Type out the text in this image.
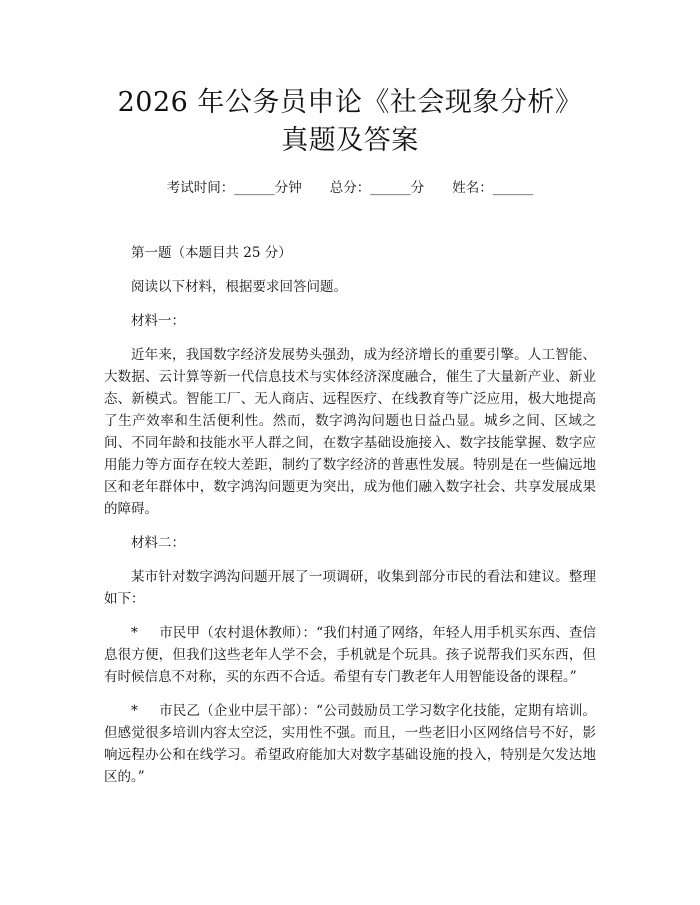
2026 年公务员申论《社会现象分析》真题及答案
考试时间：______分钟 总分：______分 姓名：______

第一题（本题目共 25 分）

阅读以下材料，根据要求回答问题。

材料一：

近年来，我国数字经济发展势头强劲，成为经济增长的重要引擎。人工智能、大数据、云计算等新一代信息技术与实体经济深度融合，催生了大量新产业、新业态、新模式。智能工厂、无人商店、远程医疗、在线教育等广泛应用，极大地提高了生产效率和生活便利性。然而，数字鸿沟问题也日益凸显。城乡之间、区域之间、不同年龄和技能水平人群之间，在数字基础设施接入、数字技能掌握、数字应用能力等方面存在较大差距，制约了数字经济的普惠性发展。特别是在一些偏远地区和老年群体中，数字鸿沟问题更为突出，成为他们融入数字社会、共享发展成果的障碍。

材料二：

某市针对数字鸿沟问题开展了一项调研，收集到部分市民的看法和建议。整理如下：

* 市民甲（农村退休教师）：“我们村通了网络，年轻人用手机买东西、查信息很方便，但我们这些老年人学不会，手机就是个玩具。孩子说帮我们买东西，但有时候信息不对称，买的东西不合适。希望有专门教老年人用智能设备的课程。”

* 市民乙（企业中层干部）：“公司鼓励员工学习数字化技能，定期有培训。但感觉很多培训内容太空泛，实用性不强。而且，一些老旧小区网络信号不好，影响远程办公和在线学习。希望政府能加大对数字基础设施的投入，特别是欠发达地区的。”
